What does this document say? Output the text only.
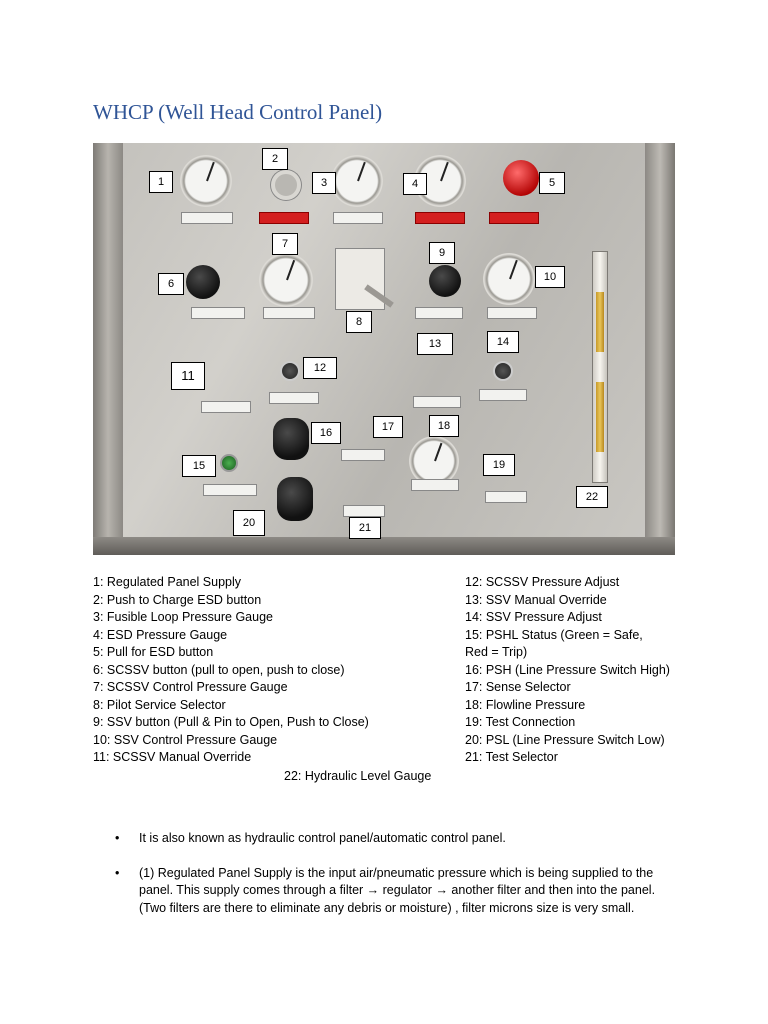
WHCP (Well Head Control Panel)
1
2
3	4	5
6
7
8
9
10
11	12
13	14
15
16	17	18
19
20	21
22
1: Regulated Panel Supply
2: Push to Charge ESD button
3: Fusible Loop Pressure Gauge
4: ESD Pressure Gauge
5: Pull for ESD button
6: SCSSV button (pull to open, push to close)
7: SCSSV Control Pressure Gauge
8: Pilot Service Selector
9: SSV button (Pull & Pin to Open, Push to Close)
10: SSV Control Pressure Gauge
11: SCSSV Manual Override
12: SCSSV Pressure Adjust
13: SSV Manual Override
14: SSV Pressure Adjust
15: PSHL Status (Green = Safe,
Red = Trip)
16: PSH (Line Pressure Switch High)
17: Sense Selector
18: Flowline Pressure
19: Test Connection
20: PSL (Line Pressure Switch Low)
21: Test Selector
22: Hydraulic Level Gauge
• It is also known as hydraulic control panel/automatic control panel.
• (1) Regulated Panel Supply is the input air/pneumatic pressure which is being supplied to the panel. This supply comes through a filter → regulator → another filter and then into the panel. (Two filters are there to eliminate any debris or moisture) , filter microns size is very small.
